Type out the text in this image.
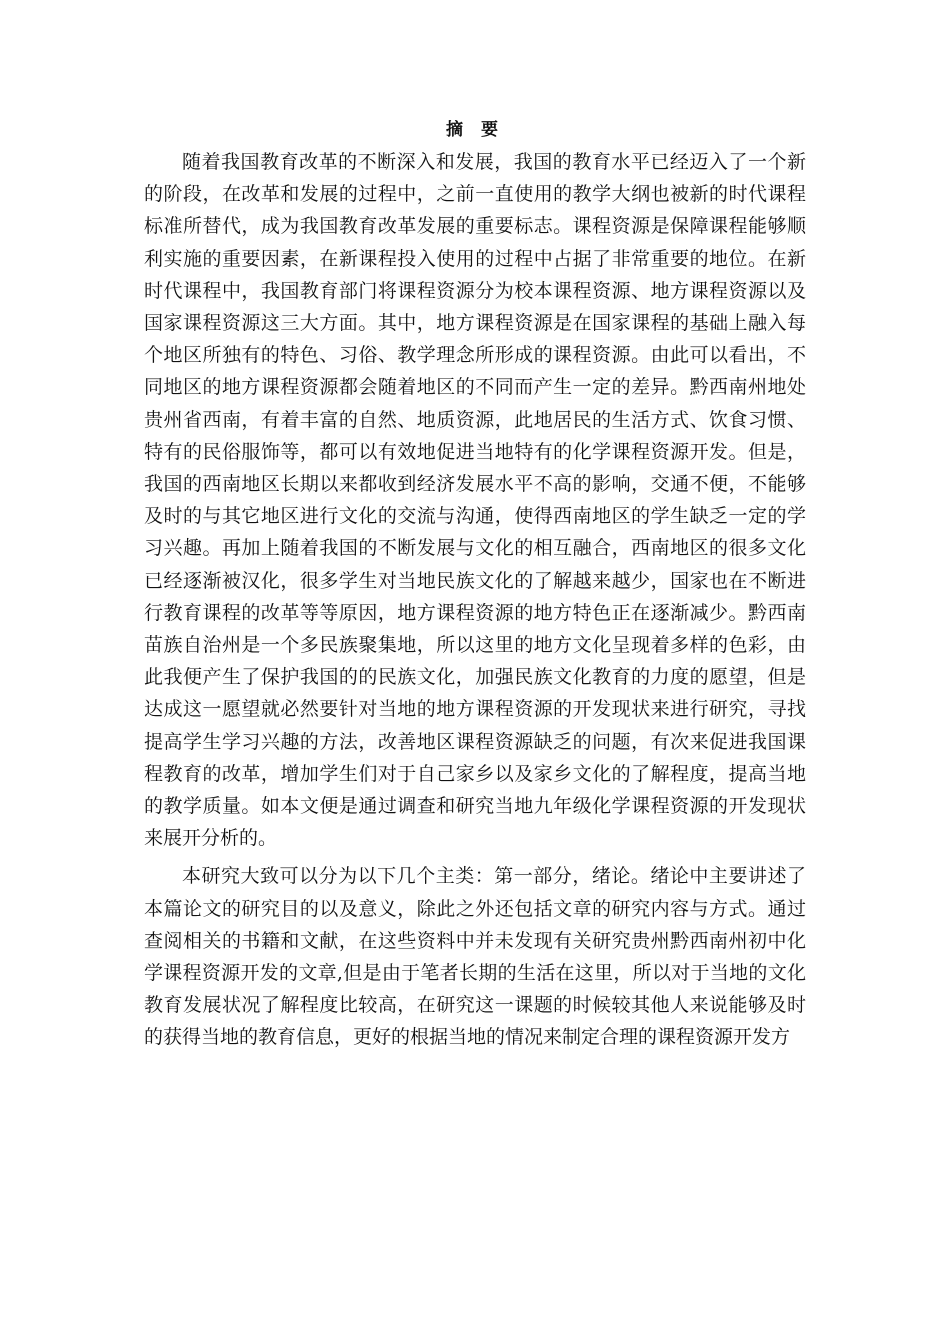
摘 要

随着我国教育改革的不断深入和发展，我国的教育水平已经迈入了一个新的阶段，在改革和发展的过程中，之前一直使用的教学大纲也被新的时代课程标准所替代，成为我国教育改革发展的重要标志。课程资源是保障课程能够顺利实施的重要因素，在新课程投入使用的过程中占据了非常重要的地位。在新时代课程中，我国教育部门将课程资源分为校本课程资源、地方课程资源以及国家课程资源这三大方面。其中，地方课程资源是在国家课程的基础上融入每个地区所独有的特色、习俗、教学理念所形成的课程资源。由此可以看出，不同地区的地方课程资源都会随着地区的不同而产生一定的差异。黔西南州地处贵州省西南，有着丰富的自然、地质资源，此地居民的生活方式、饮食习惯、特有的民俗服饰等，都可以有效地促进当地特有的化学课程资源开发。但是，我国的西南地区长期以来都收到经济发展水平不高的影响，交通不便，不能够及时的与其它地区进行文化的交流与沟通，使得西南地区的学生缺乏一定的学习兴趣。再加上随着我国的不断发展与文化的相互融合，西南地区的很多文化已经逐渐被汉化，很多学生对当地民族文化的了解越来越少，国家也在不断进行教育课程的改革等等原因，地方课程资源的地方特色正在逐渐减少。黔西南苗族自治州是一个多民族聚集地，所以这里的地方文化呈现着多样的色彩，由此我便产生了保护我国的的民族文化，加强民族文化教育的力度的愿望，但是达成这一愿望就必然要针对当地的地方课程资源的开发现状来进行研究，寻找提高学生学习兴趣的方法，改善地区课程资源缺乏的问题，有次来促进我国课程教育的改革，增加学生们对于自己家乡以及家乡文化的了解程度，提高当地的教学质量。如本文便是通过调查和研究当地九年级化学课程资源的开发现状来展开分析的。

本研究大致可以分为以下几个主类：第一部分，绪论。绪论中主要讲述了本篇论文的研究目的以及意义，除此之外还包括文章的研究内容与方式。通过查阅相关的书籍和文献，在这些资料中并未发现有关研究贵州黔西南州初中化学课程资源开发的文章,但是由于笔者长期的生活在这里，所以对于当地的文化教育发展状况了解程度比较高，在研究这一课题的时候较其他人来说能够及时的获得当地的教育信息，更好的根据当地的情况来制定合理的课程资源开发方
